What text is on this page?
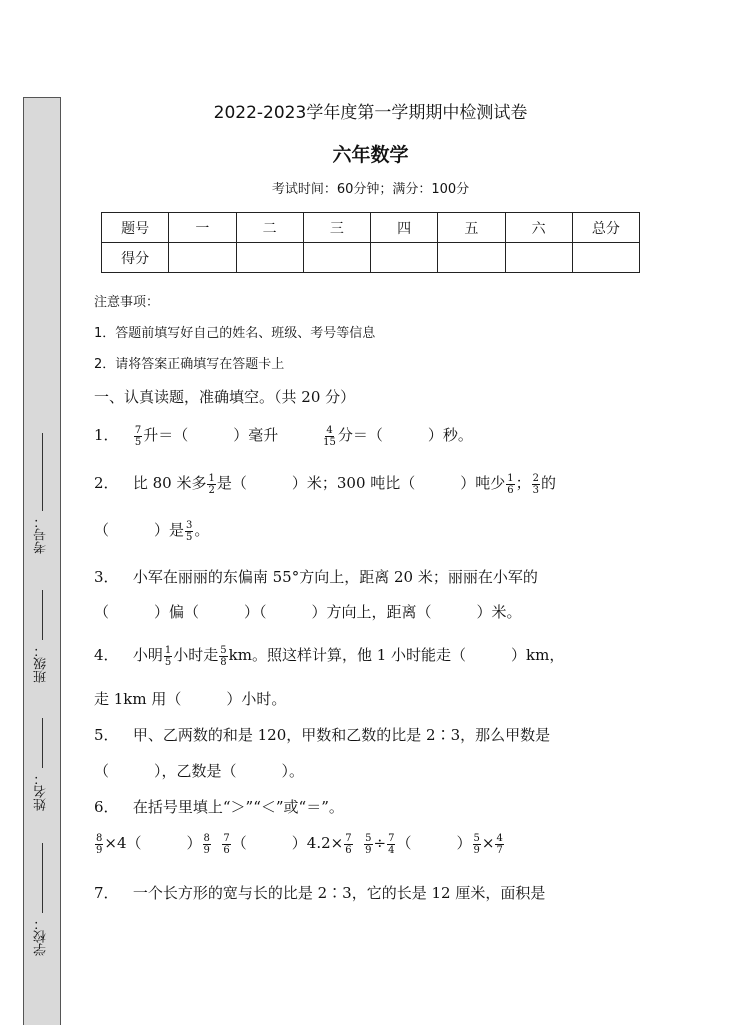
学校：
姓名：
班级：
考号：
2022-2023学年度第一学期期中检测试卷
六年数学
考试时间：60分钟；满分：100分
题号	一	二	三	四	五	六	总分
得分							
注意事项：
1．答题前填写好自己的姓名、班级、考号等信息
2．请将答案正确填写在答题卡上
一、认真读题，准确填空。（共 20 分）
1． $\frac{7}{5}$ 升＝（　　　）毫升	$\frac{4}{15}$ 分＝（　　　）秒。
2． 比 80 米多 $\frac{1}{2}$ 是（　　　）米；300 吨比（　　　）吨少 $\frac{1}{6}$ ； $\frac{2}{3}$ 的
（　　　）是 $\frac{3}{5}$ 。
3． 小军在丽丽的东偏南 55°方向上，距离 20 米；丽丽在小军的
（　　　）偏（　　　）（　　　）方向上，距离（　　　）米。
4． 小明 $\frac{1}{5}$ 小时走 $\frac{5}{8}$ km。照这样计算，他 1 小时能走（　　　）km，
走 1km 用（　　　）小时。
5． 甲、乙两数的和是 120，甲数和乙数的比是 2∶3，那么甲数是
（　　　），乙数是（　　　）。
6． 在括号里填上“＞”“＜”或“＝”。
$\frac{8}{9} \times 4$（　　　） $\frac{8}{9}$
$\frac{7}{6}$ （　　　）$4.2\times \frac{7}{6}$
$\frac{5}{9} \div \frac{7}{4}$ （　　　） $\frac{5}{9} \times \frac{4}{7}$
7． 一个长方形的宽与长的比是 2∶3，它的长是 12 厘米，面积是
